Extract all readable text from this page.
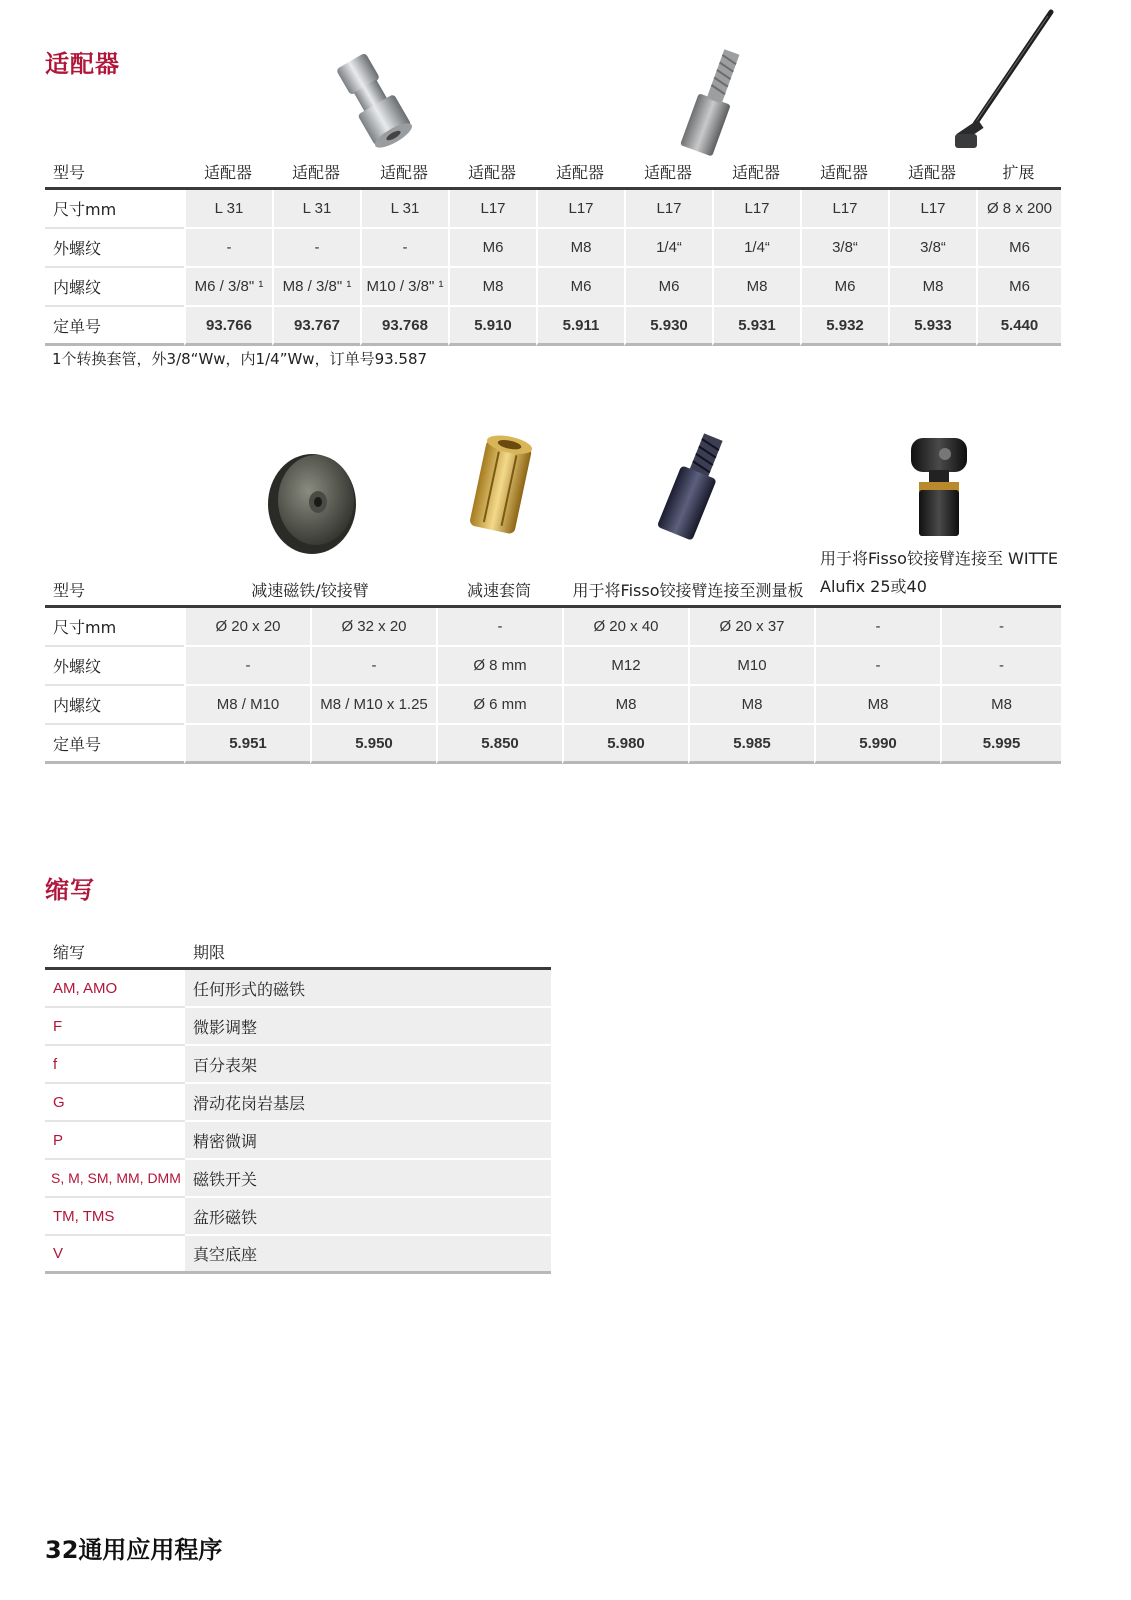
适配器
型号	适配器	适配器	适配器	适配器	适配器	适配器	适配器	适配器	适配器	扩展
尺寸mm	L 31	L 31	L 31	L17	L17	L17	L17	L17	L17	Ø 8 x 200
外螺纹	-	-	-	M6	M8	1/4“	1/4“	3/8“	3/8“	M6
内螺纹	M6 / 3/8" ¹	M8 / 3/8" ¹	M10 / 3/8" ¹	M8	M6	M6	M8	M6	M8	M6
定单号	93.766	93.767	93.768	5.910	5.911	5.930	5.931	5.932	5.933	5.440
1个转换套管，外3/8“Ww，内1/4”Ww，订单号93.587
型号	减速磁铁/铰接臂		减速套筒	用于将Fisso铰接臂连接至测量板		用于将Fisso铰接臂连接至 WITTE Alufix 25或40	
尺寸mm	Ø 20 x 20	Ø 32 x 20	-	Ø 20 x 40	Ø 20 x 37	-	-
外螺纹	-	-	Ø 8 mm	M12	M10	-	-
内螺纹	M8 / M10	M8 / M10 x 1.25	Ø 6 mm	M8	M8	M8	M8
定单号	5.951	5.950	5.850	5.980	5.985	5.990	5.995
缩写
缩写	期限
AM, AMO	任何形式的磁铁
F	微影调整
f	百分表架
G	滑动花岗岩基层
P	精密微调
S, M, SM, MM, DMM	磁铁开关
TM, TMS	盆形磁铁
V	真空底座
32通用应用程序
